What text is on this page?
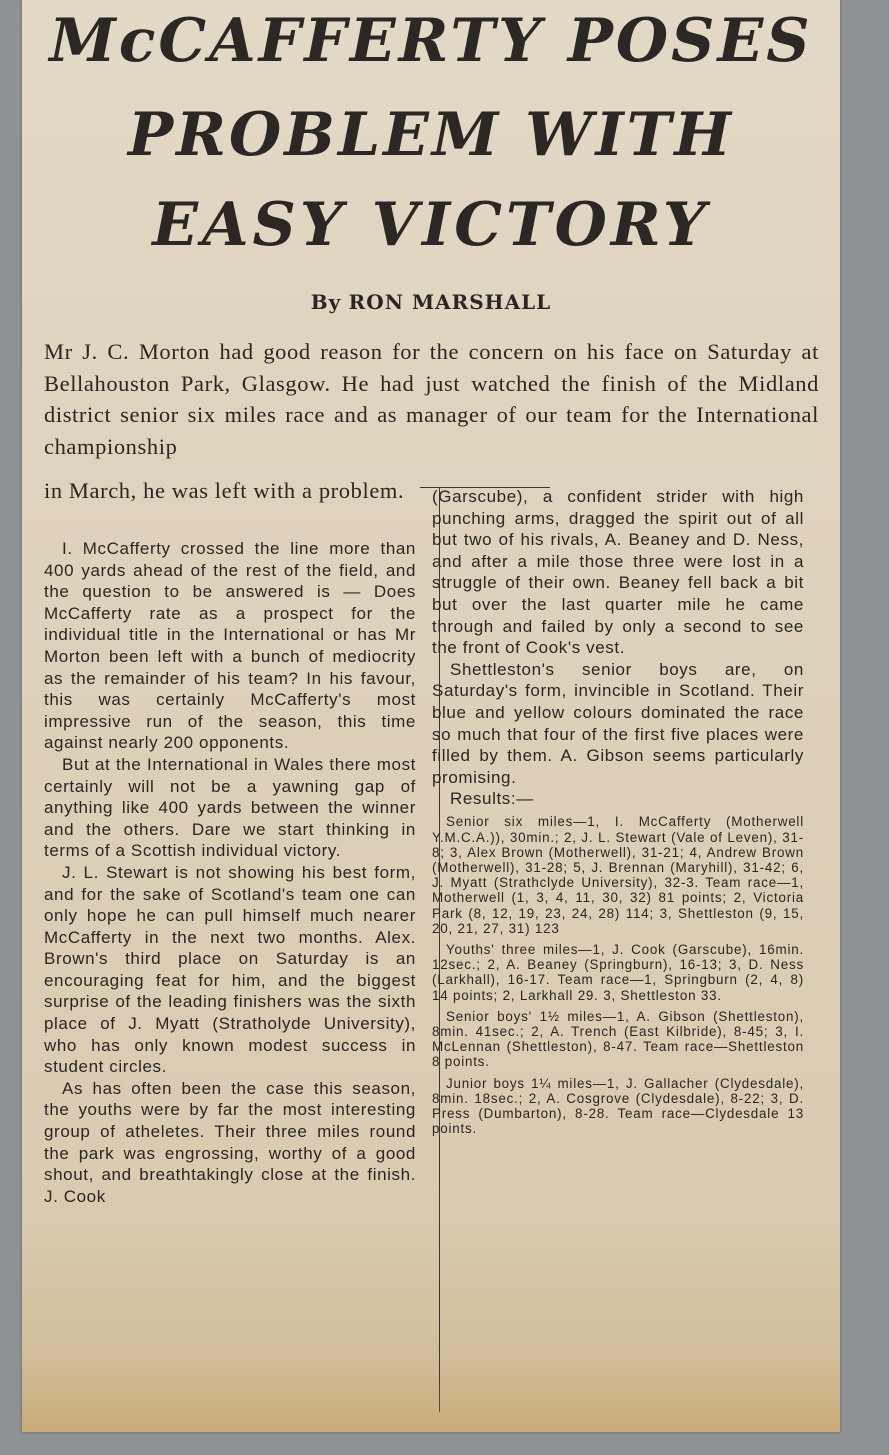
McCAFFERTY POSES
PROBLEM WITH
EASY VICTORY

By RON MARSHALL

Mr J. C. Morton had good reason for the concern on his face on Saturday at Bellahouston Park, Glasgow. He had just watched the finish of the Midland district senior six miles race and as manager of our team for the International championship

in March, he was left with a problem.

I. McCafferty crossed the line more than 400 yards ahead of the rest of the field, and the question to be answered is — Does McCafferty rate as a prospect for the individual title in the International or has Mr Morton been left with a bunch of mediocrity as the remainder of his team? In his favour, this was certainly McCafferty's most impressive run of the season, this time against nearly 200 opponents.

But at the International in Wales there most certainly will not be a yawning gap of anything like 400 yards between the winner and the others. Dare we start thinking in terms of a Scottish individual victory.

J. L. Stewart is not showing his best form, and for the sake of Scotland's team one can only hope he can pull himself much nearer McCafferty in the next two months. Alex. Brown's third place on Saturday is an encouraging feat for him, and the biggest surprise of the leading finishers was the sixth place of J. Myatt (Stratholyde University), who has only known modest success in student circles.

As has often been the case this season, the youths were by far the most interesting group of atheletes. Their three miles round the park was engrossing, worthy of a good shout, and breathtakingly close at the finish. J. Cook

(Garscube), a confident strider with high punching arms, dragged the spirit out of all but two of his rivals, A. Beaney and D. Ness, and after a mile those three were lost in a struggle of their own. Beaney fell back a bit but over the last quarter mile he came through and failed by only a second to see the front of Cook's vest.

Shettleston's senior boys are, on Saturday's form, invincible in Scotland. Their blue and yellow colours dominated the race so much that four of the first five places were filled by them. A. Gibson seems particularly promising.

Results:—

Senior six miles—1, I. McCafferty (Motherwell Y.M.C.A.)), 30min.; 2, J. L. Stewart (Vale of Leven), 31-8; 3, Alex Brown (Motherwell), 31-21; 4, Andrew Brown (Motherwell), 31-28; 5, J. Brennan (Maryhill), 31-42; 6, J. Myatt (Strathclyde University), 32-3. Team race—1, Motherwell (1, 3, 4, 11, 30, 32) 81 points; 2, Victoria Park (8, 12, 19, 23, 24, 28) 114; 3, Shettleston (9, 15, 20, 21, 27, 31) 123

Youths' three miles—1, J. Cook (Garscube), 16min. 12sec.; 2, A. Beaney (Springburn), 16-13; 3, D. Ness (Larkhall), 16-17. Team race—1, Springburn (2, 4, 8) 14 points; 2, Larkhall 29. 3, Shettleston 33.

Senior boys' 1½ miles—1, A. Gibson (Shettleston), 8min. 41sec.; 2, A. Trench (East Kilbride), 8-45; 3, I. McLennan (Shettleston), 8-47. Team race—Shettleston 8 points.

Junior boys 1¼ miles—1, J. Gallacher (Clydesdale), 8min. 18sec.; 2, A. Cosgrove (Clydesdale), 8-22; 3, D. Press (Dumbarton), 8-28. Team race—Clydesdale 13 points.
